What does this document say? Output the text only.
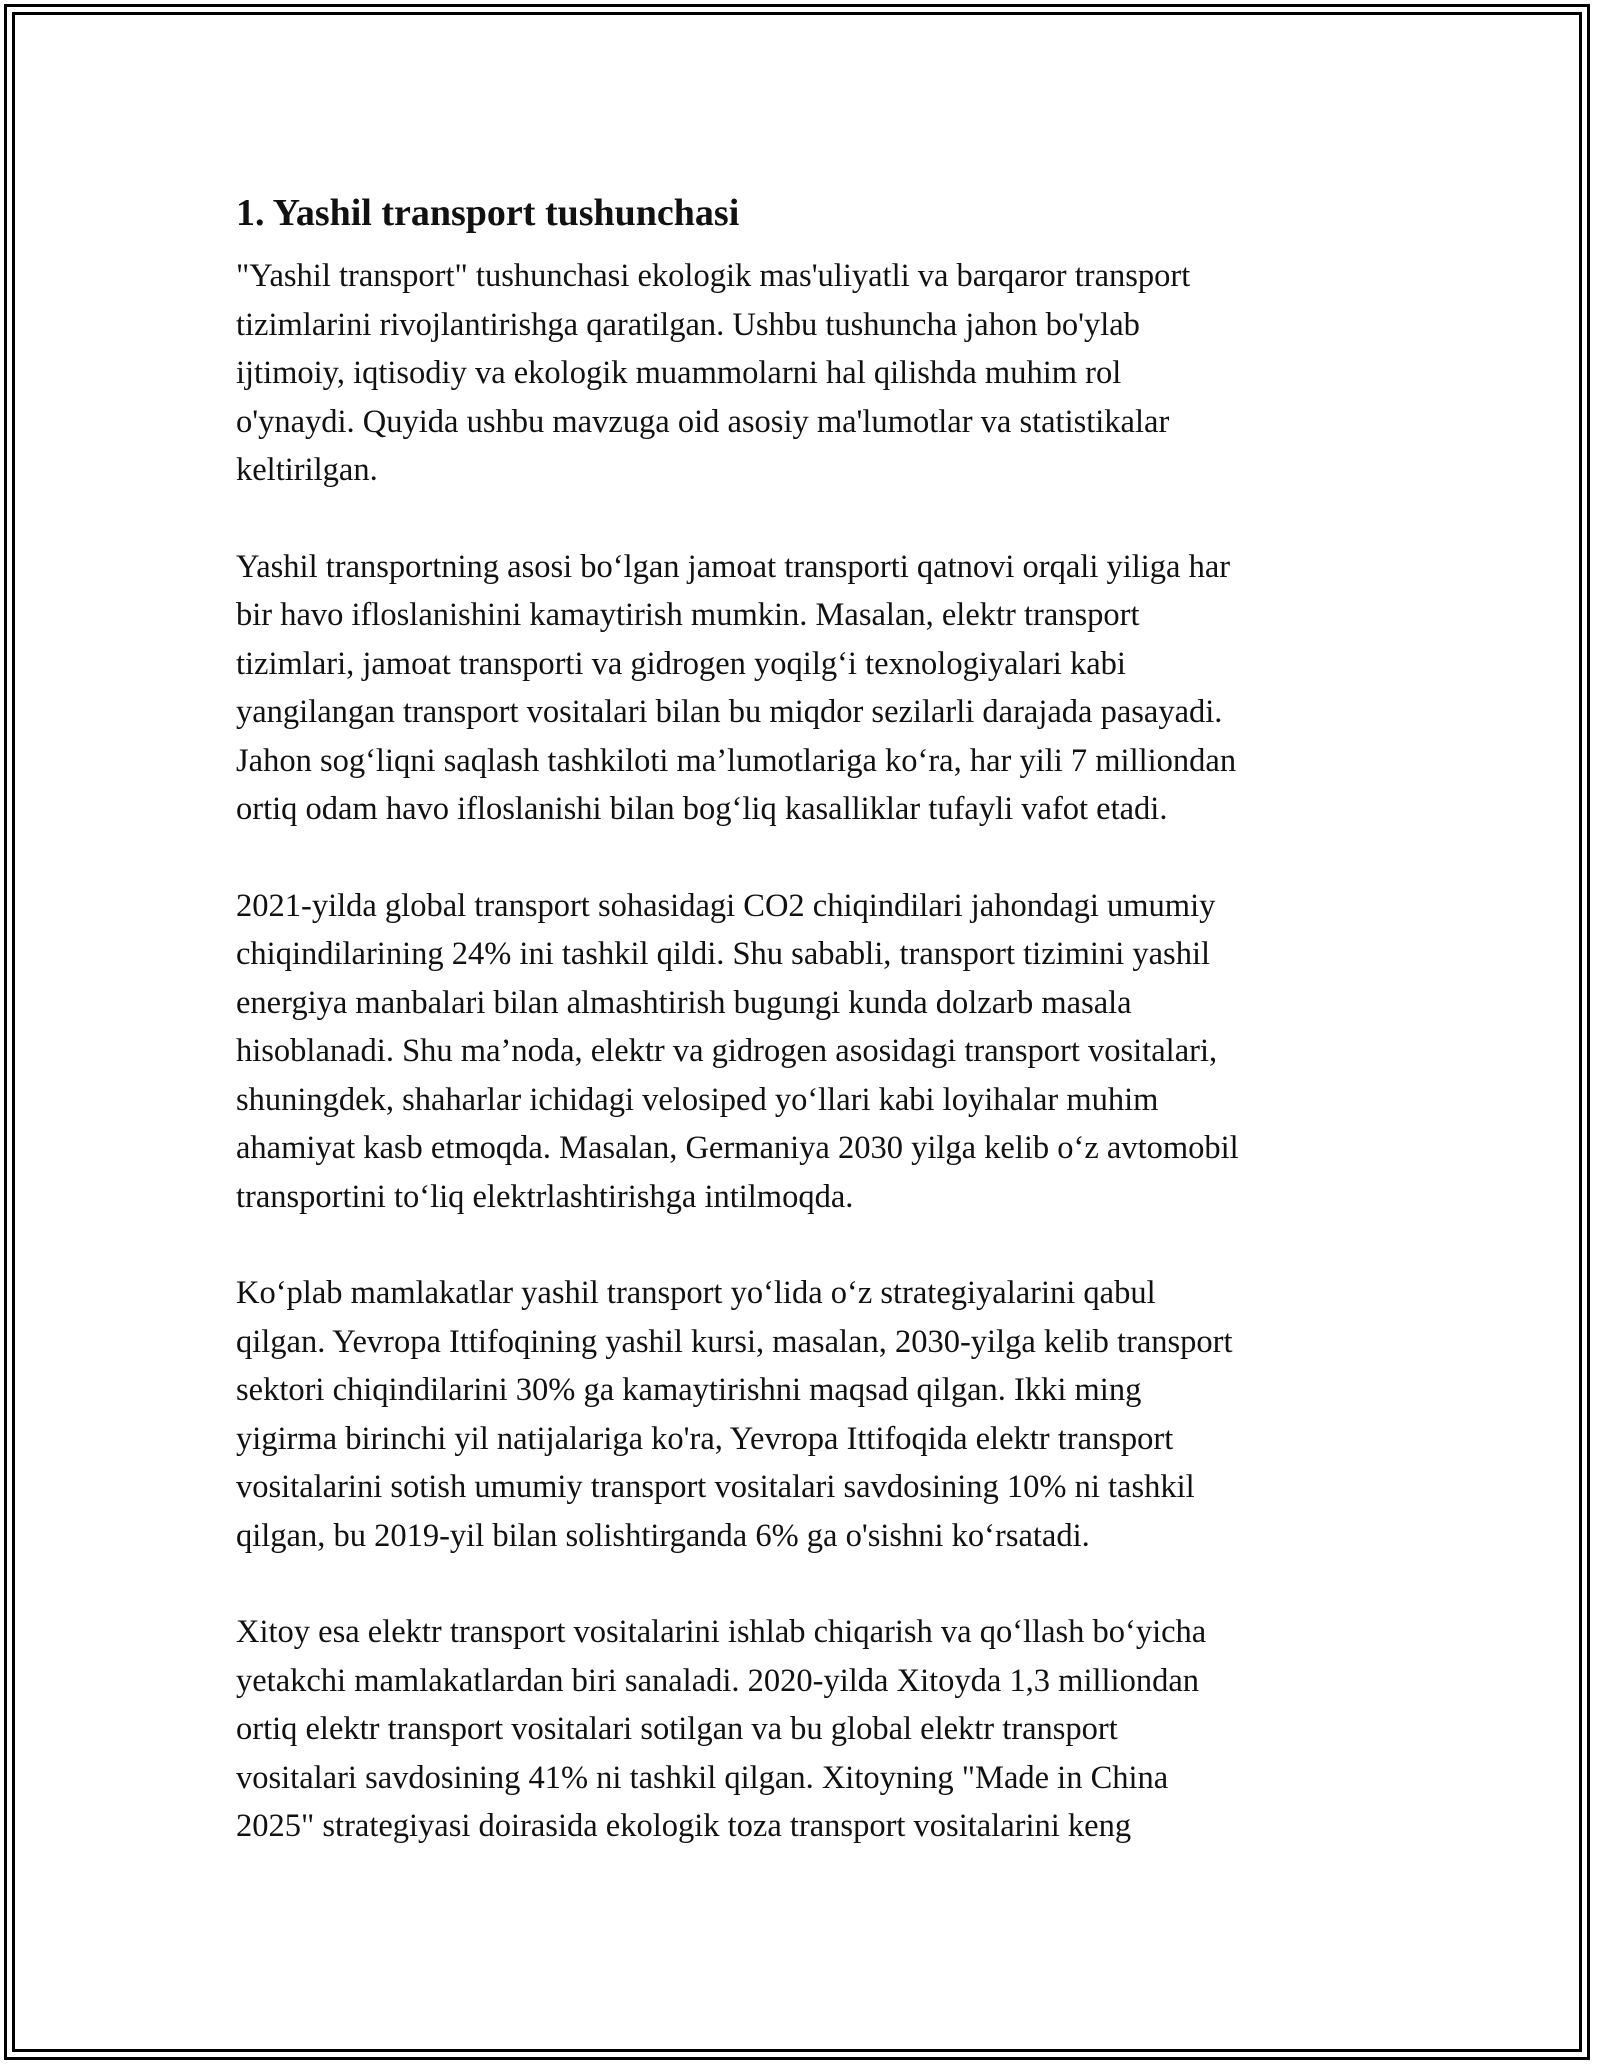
1. Yashil transport tushunchasi

"Yashil transport" tushunchasi ekologik mas'uliyatli va barqaror transport
tizimlarini rivojlantirishga qaratilgan. Ushbu tushuncha jahon bo'ylab
ijtimoiy, iqtisodiy va ekologik muammolarni hal qilishda muhim rol
o'ynaydi. Quyida ushbu mavzuga oid asosiy ma'lumotlar va statistikalar
keltirilgan.

Yashil transportning asosi bo‘lgan jamoat transporti qatnovi orqali yiliga har
bir havo ifloslanishini kamaytirish mumkin. Masalan, elektr transport
tizimlari, jamoat transporti va gidrogen yoqilg‘i texnologiyalari kabi
yangilangan transport vositalari bilan bu miqdor sezilarli darajada pasayadi.
Jahon sog‘liqni saqlash tashkiloti ma’lumotlariga ko‘ra, har yili 7 milliondan
ortiq odam havo ifloslanishi bilan bog‘liq kasalliklar tufayli vafot etadi.

2021-yilda global transport sohasidagi CO2 chiqindilari jahondagi umumiy
chiqindilarining 24% ini tashkil qildi. Shu sababli, transport tizimini yashil
energiya manbalari bilan almashtirish bugungi kunda dolzarb masala
hisoblanadi. Shu ma’noda, elektr va gidrogen asosidagi transport vositalari,
shuningdek, shaharlar ichidagi velosiped yo‘llari kabi loyihalar muhim
ahamiyat kasb etmoqda. Masalan, Germaniya 2030 yilga kelib o‘z avtomobil
transportini to‘liq elektrlashtirishga intilmoqda.

Ko‘plab mamlakatlar yashil transport yo‘lida o‘z strategiyalarini qabul
qilgan. Yevropa Ittifoqining yashil kursi, masalan, 2030-yilga kelib transport
sektori chiqindilarini 30% ga kamaytirishni maqsad qilgan. Ikki ming
yigirma birinchi yil natijalariga ko'ra, Yevropa Ittifoqida elektr transport
vositalarini sotish umumiy transport vositalari savdosining 10% ni tashkil
qilgan, bu 2019-yil bilan solishtirganda 6% ga o'sishni ko‘rsatadi.

Xitoy esa elektr transport vositalarini ishlab chiqarish va qo‘llash bo‘yicha
yetakchi mamlakatlardan biri sanaladi. 2020-yilda Xitoyda 1,3 milliondan
ortiq elektr transport vositalari sotilgan va bu global elektr transport
vositalari savdosining 41% ni tashkil qilgan. Xitoyning "Made in China
2025" strategiyasi doirasida ekologik toza transport vositalarini keng
